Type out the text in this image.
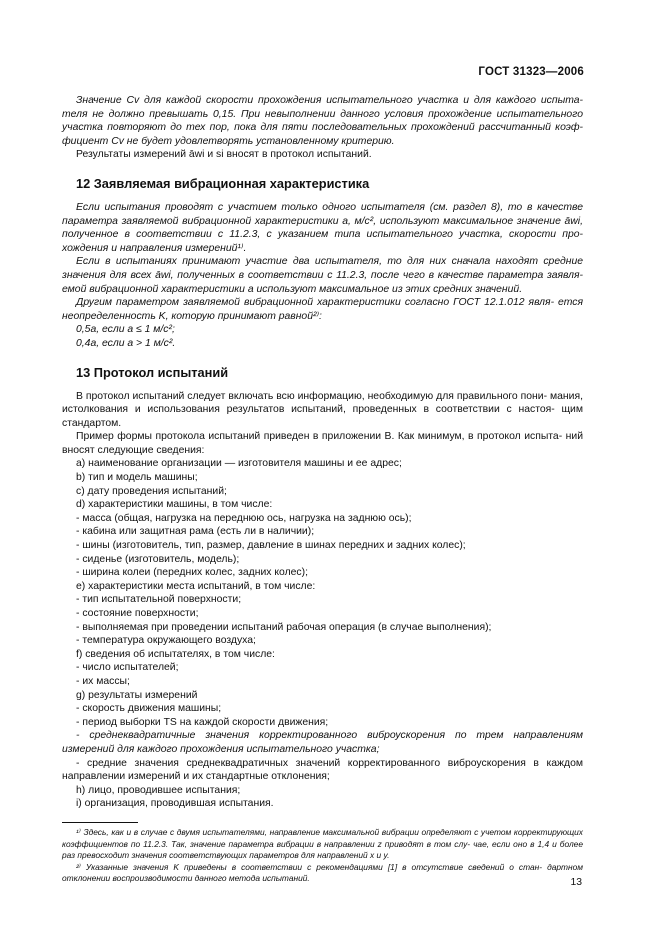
ГОСТ 31323—2006

Значение Cv для каждой скорости прохождения испытательного участка и для каждого испыта- теля не должно превышать 0,15. При невыполнении данного условия прохождение испытательного участка повторяют до тех пор, пока для пяти последовательных прохождений рассчитанный коэф- фициент Cv не будет удовлетворять установленному критерию.

Результаты измерений āwi и si вносят в протокол испытаний.

12 Заявляемая вибрационная характеристика

Если испытания проводят с участием только одного испытателя (см. раздел 8), то в качестве параметра заявляемой вибрационной характеристики a, м/с², используют максимальное значение āwi, полученное в соответствии с 11.2.3, с указанием типа испытательного участка, скорости про- хождения и направления измерений¹⁾.

Если в испытаниях принимают участие два испытателя, то для них сначала находят средние значения для всех āwi, полученных в соответствии с 11.2.3, после чего в качестве параметра заявля- емой вибрационной характеристики a используют максимальное из этих средних значений.

Другим параметром заявляемой вибрационной характеристики согласно ГОСТ 12.1.012 явля- ется неопределенность K, которую принимают равной²⁾:

0,5a, если a ≤ 1 м/с²;

0,4a, если a > 1 м/с².

13 Протокол испытаний

В протокол испытаний следует включать всю информацию, необходимую для правильного пони- мания, истолкования и использования результатов испытаний, проведенных в соответствии с настоя- щим стандартом.

Пример формы протокола испытаний приведен в приложении В. Как минимум, в протокол испыта- ний вносят следующие сведения:

a) наименование организации — изготовителя машины и ее адрес;
b) тип и модель машины;
c) дату проведения испытаний;
d) характеристики машины, в том числе:
- масса (общая, нагрузка на переднюю ось, нагрузка на заднюю ось);
- кабина или защитная рама (есть ли в наличии);
- шины (изготовитель, тип, размер, давление в шинах передних и задних колес);
- сиденье (изготовитель, модель);
- ширина колеи (передних колес, задних колес);
e) характеристики места испытаний, в том числе:
- тип испытательной поверхности;
- состояние поверхности;
- выполняемая при проведении испытаний рабочая операция (в случае выполнения);
- температура окружающего воздуха;
f) сведения об испытателях, в том числе:
- число испытателей;
- их массы;
g) результаты измерений
- скорость движения машины;
- период выборки TS на каждой скорости движения;

- среднеквадратичные значения корректированного виброускорения по трем направлениям измерений для каждого прохождения испытательного участка;

- средние значения среднеквадратичных значений корректированного виброускорения в каждом направлении измерений и их стандартные отклонения;

h) лицо, проводившее испытания;
i) организация, проводившая испытания.

¹⁾ Здесь, как и в случае с двумя испытателями, направление максимальной вибрации определяют с учетом корректирующих коэффициентов по 11.2.3. Так, значение параметра вибрации в направлении z приводят в том слу- чае, если оно в 1,4 и более раз превосходит значения соответствующих параметров для направлений x и y.

²⁾ Указанные значения K приведены в соответствии с рекомендациями [1] в отсутствие сведений о стан- дартном отклонении воспроизводимости данного метода испытаний.	13
